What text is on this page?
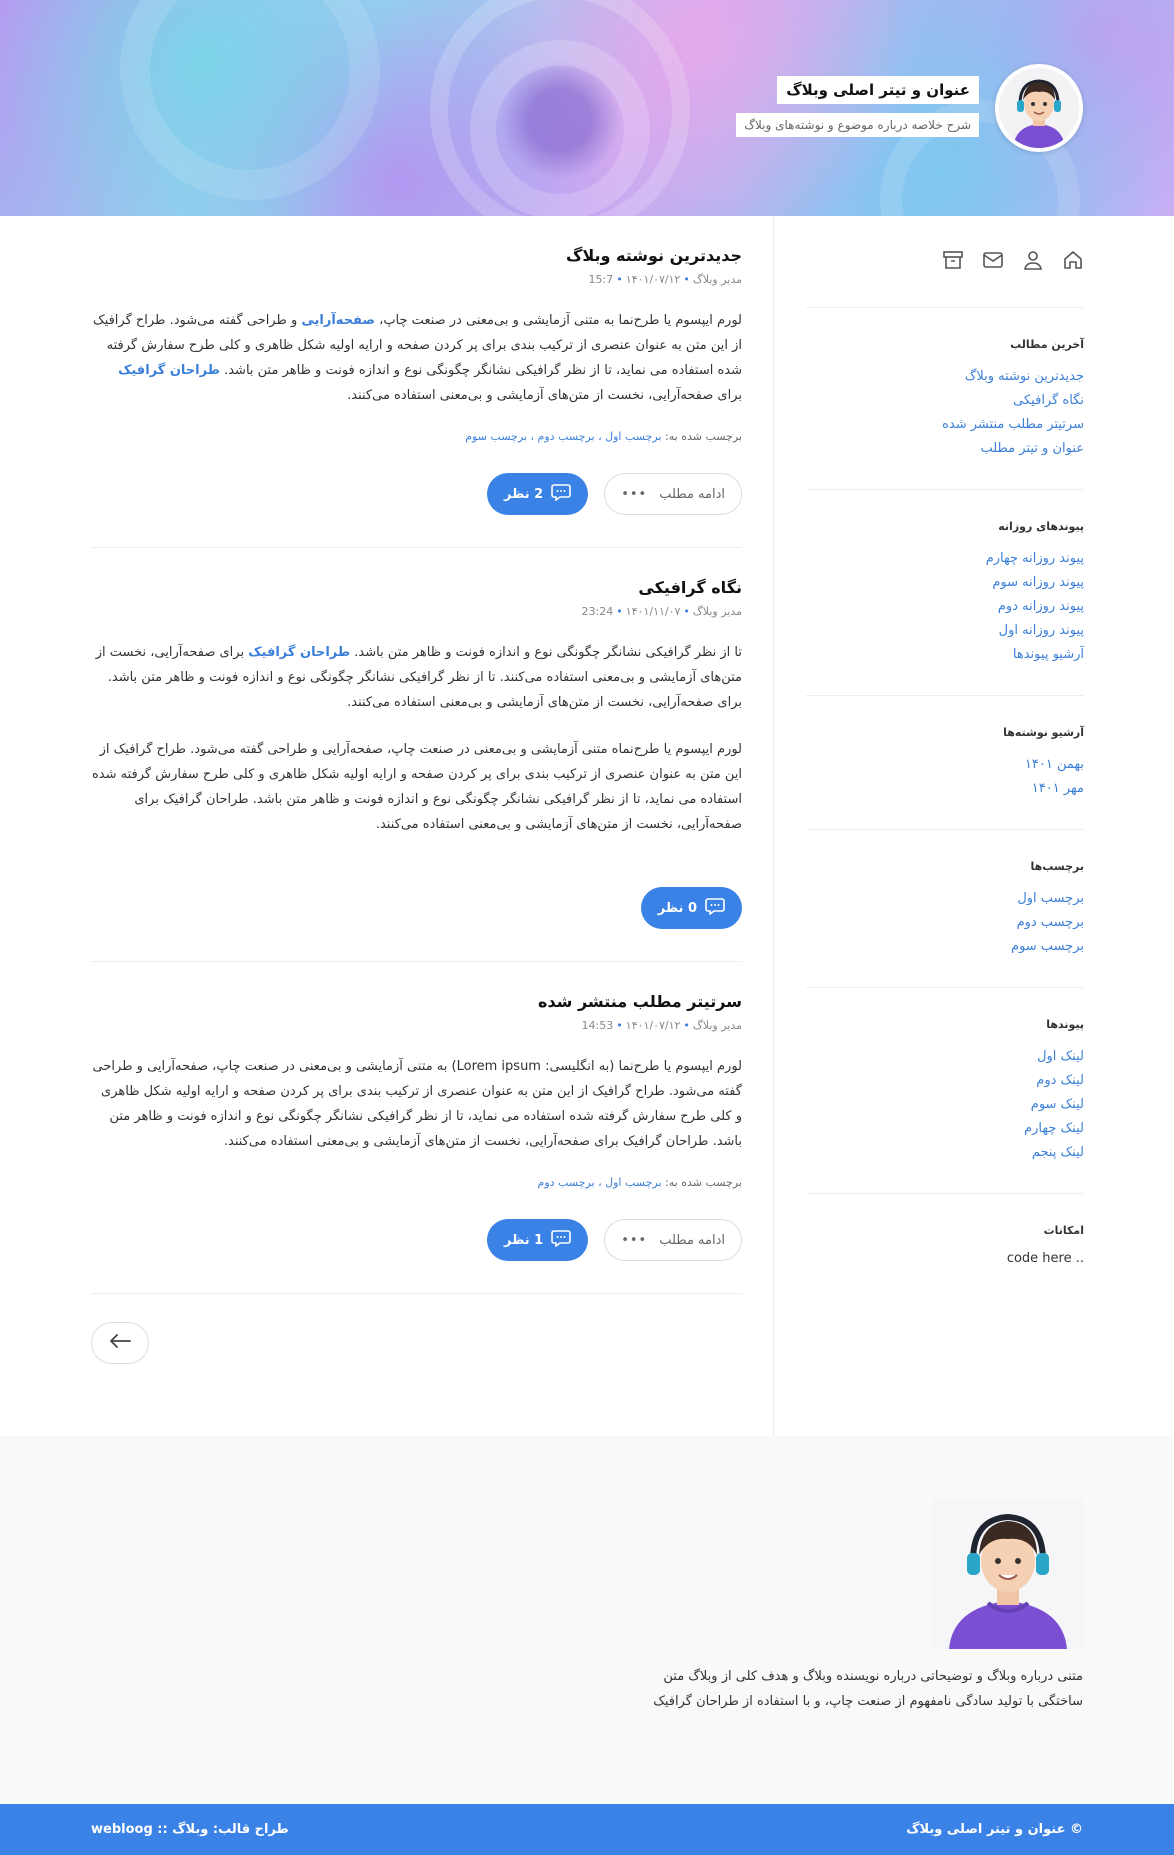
عنوان و تیتر اصلی وبلاگ
شرح خلاصه درباره موضوع و نوشته‌های وبلاگ
جدیدترین نوشته وبلاگ
مدیر وبلاگ•۱۴۰۱/۰۷/۱۲•15:7

لورم ایپسوم یا طرح‌نما به متنی آزمایشی و بی‌معنی در صنعت چاپ، صفحه‌آرایی و طراحی گفته می‌شود. طراح گرافیک از این متن به عنوان عنصری از ترکیب بندی برای پر کردن صفحه و ارایه اولیه شکل ظاهری و کلی طرح سفارش گرفته شده استفاده می نماید، تا از نظر گرافیکی نشانگر چگونگی نوع و اندازه فونت و ظاهر متن باشد. طراحان گرافیک برای صفحه‌آرایی، نخست از متن‌های آزمایشی و بی‌معنی استفاده می‌کنند.

برچسب شده به: برچسب اول ، برچسب دوم ، برچسب سوم
ادامه مطلب
•••
2 نظر
نگاه گرافیکی
مدیر وبلاگ•۱۴۰۱/۱۱/۰۷•23:24

تا از نظر گرافیکی نشانگر چگونگی نوع و اندازه فونت و ظاهر متن باشد. طراحان گرافیک برای صفحه‌آرایی، نخست از متن‌های آزمایشی و بی‌معنی استفاده می‌کنند. تا از نظر گرافیکی نشانگر چگونگی نوع و اندازه فونت و ظاهر متن باشد. برای صفحه‌آرایی، نخست از متن‌های آزمایشی و بی‌معنی استفاده می‌کنند.

لورم ایپسوم یا طرح‌نماه متنی آزمایشی و بی‌معنی در صنعت چاپ، صفحه‌آرایی و طراحی گفته می‌شود. طراح گرافیک از این متن به عنوان عنصری از ترکیب بندی برای پر کردن صفحه و ارایه اولیه شکل ظاهری و کلی طرح سفارش گرفته شده استفاده می نماید، تا از نظر گرافیکی نشانگر چگونگی نوع و اندازه فونت و ظاهر متن باشد. طراحان گرافیک برای صفحه‌آرایی، نخست از متن‌های آزمایشی و بی‌معنی استفاده می‌کنند.

0 نظر
سرتیتر مطلب منتشر شده
مدیر وبلاگ•۱۴۰۱/۰۷/۱۲•14:53

لورم ایپسوم یا طرح‌نما (به انگلیسی: Lorem ipsum) به متنی آزمایشی و بی‌معنی در صنعت چاپ، صفحه‌آرایی و طراحی گفته می‌شود. طراح گرافیک از این متن به عنوان عنصری از ترکیب بندی برای پر کردن صفحه و ارایه اولیه شکل ظاهری و کلی طرح سفارش گرفته شده استفاده می نماید، تا از نظر گرافیکی نشانگر چگونگی نوع و اندازه فونت و ظاهر متن باشد. طراحان گرافیک برای صفحه‌آرایی، نخست از متن‌های آزمایشی و بی‌معنی استفاده می‌کنند.

برچسب شده به: برچسب اول ، برچسب دوم
ادامه مطلب
•••
1 نظر
آخرین مطالب
جدیدترین نوشته وبلاگ
نگاه گرافیکی
سرتیتر مطلب منتشر شده
عنوان و تیتر مطلب
پیوندهای روزانه
پیوند روزانه چهارم
پیوند روزانه سوم
پیوند روزانه دوم
پیوند روزانه اول
آرشیو پیوندها
آرشیو نوشته‌ها
بهمن ۱۴۰۱
مهر ۱۴۰۱
برچسب‌ها
برچسب اول
برچسب دوم
برچسب سوم
پیوندها
لینک اول
لینک دوم
لینک سوم
لینک چهارم
لینک پنجم
امکانات
code here ..
متنی درباره وبلاگ و توضیحاتی درباره نویسنده وبلاگ و هدف کلی از وبلاگ متن ساختگی با تولید سادگی نامفهوم از صنعت چاپ، و با استفاده از طراحان گرافیک
© عنوان و تیتر اصلی وبلاگ
طراح قالب: وبلاگ :: webloog
